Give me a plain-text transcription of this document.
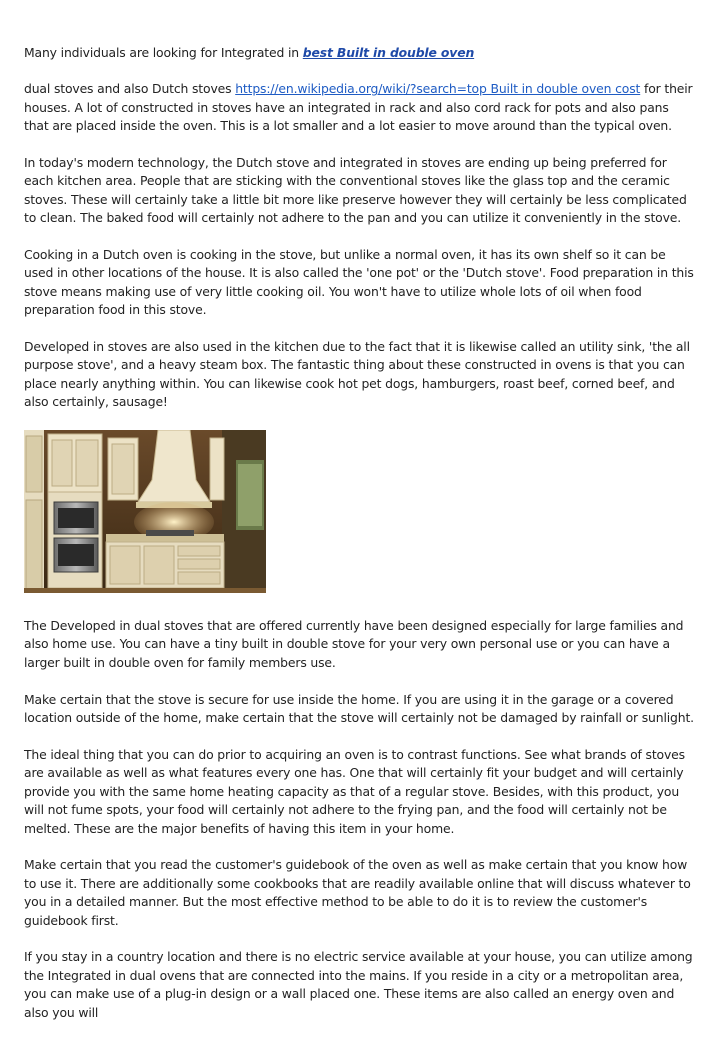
Many individuals are looking for Integrated in best Built in double oven

dual stoves and also Dutch stoves https://en.wikipedia.org/wiki/?search=top Built in double oven cost for their houses. A lot of constructed in stoves have an integrated in rack and also cord rack for pots and also pans that are placed inside the oven. This is a lot smaller and a lot easier to move around than the typical oven.

In today's modern technology, the Dutch stove and integrated in stoves are ending up being preferred for each kitchen area. People that are sticking with the conventional stoves like the glass top and the ceramic stoves. These will certainly take a little bit more like preserve however they will certainly be less complicated to clean. The baked food will certainly not adhere to the pan and you can utilize it conveniently in the stove.

Cooking in a Dutch oven is cooking in the stove, but unlike a normal oven, it has its own shelf so it can be used in other locations of the house. It is also called the 'one pot' or the 'Dutch stove'. Food preparation in this stove means making use of very little cooking oil. You won't have to utilize whole lots of oil when food preparation food in this stove.

Developed in stoves are also used in the kitchen due to the fact that it is likewise called an utility sink, 'the all purpose stove', and a heavy steam box. The fantastic thing about these constructed in ovens is that you can place nearly anything within. You can likewise cook hot pet dogs, hamburgers, roast beef, corned beef, and also certainly, sausage!

The Developed in dual stoves that are offered currently have been designed especially for large families and also home use. You can have a tiny built in double stove for your very own personal use or you can have a larger built in double oven for family members use.

Make certain that the stove is secure for use inside the home. If you are using it in the garage or a covered location outside of the home, make certain that the stove will certainly not be damaged by rainfall or sunlight.

The ideal thing that you can do prior to acquiring an oven is to contrast functions. See what brands of stoves are available as well as what features every one has. One that will certainly fit your budget and will certainly provide you with the same home heating capacity as that of a regular stove. Besides, with this product, you will not fume spots, your food will certainly not adhere to the frying pan, and the food will certainly not be melted. These are the major benefits of having this item in your home.

Make certain that you read the customer's guidebook of the oven as well as make certain that you know how to use it. There are additionally some cookbooks that are readily available online that will discuss whatever to you in a detailed manner. But the most effective method to be able to do it is to review the customer's guidebook first.

If you stay in a country location and there is no electric service available at your house, you can utilize among the Integrated in dual ovens that are connected into the mains. If you reside in a city or a metropolitan area, you can make use of a plug-in design or a wall placed one. These items are also called an energy oven and also you will
